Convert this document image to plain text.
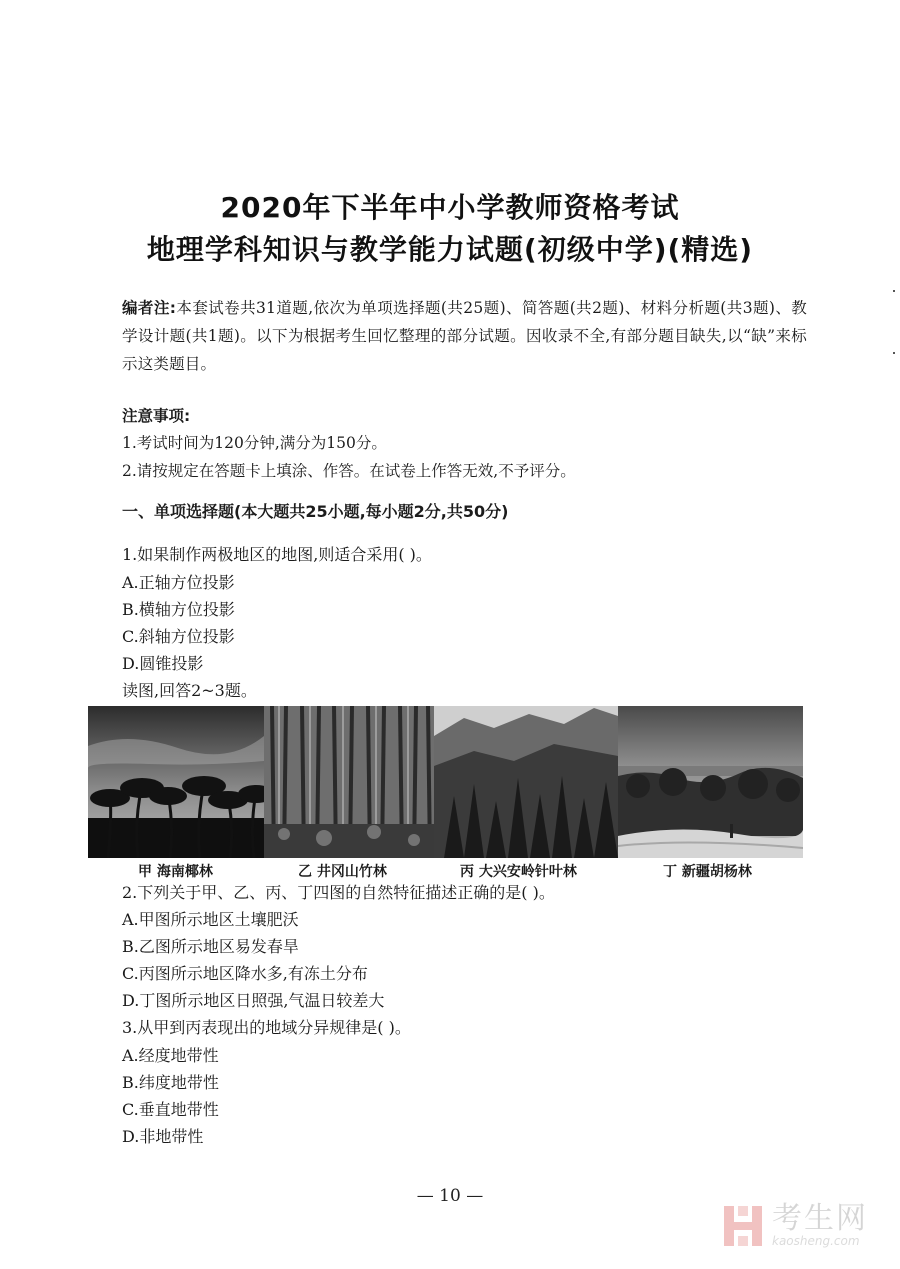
2020年下半年中小学教师资格考试
地理学科知识与教学能力试题(初级中学)(精选)
编者注:本套试卷共31道题,依次为单项选择题(共25题)、简答题(共2题)、材料分析题(共3题)、教学设计题(共1题)。以下为根据考生回忆整理的部分试题。因收录不全,有部分题目缺失,以“缺”来标示这类题目。
注意事项:
1.考试时间为120分钟,满分为150分。
2.请按规定在答题卡上填涂、作答。在试卷上作答无效,不予评分。
一、单项选择题(本大题共25小题,每小题2分,共50分)
1.如果制作两极地区的地图,则适合采用( )。
A.正轴方位投影
B.横轴方位投影
C.斜轴方位投影
D.圆锥投影
读图,回答2~3题。
甲 海南椰林	乙 井冈山竹林	丙 大兴安岭针叶林	丁 新疆胡杨林
2.下列关于甲、乙、丙、丁四图的自然特征描述正确的是( )。
A.甲图所示地区土壤肥沃
B.乙图所示地区易发春旱
C.丙图所示地区降水多,有冻土分布
D.丁图所示地区日照强,气温日较差大
3.从甲到丙表现出的地域分异规律是( )。
A.经度地带性
B.纬度地带性
C.垂直地带性
D.非地带性
— 10 —
考生网
kaosheng.com
